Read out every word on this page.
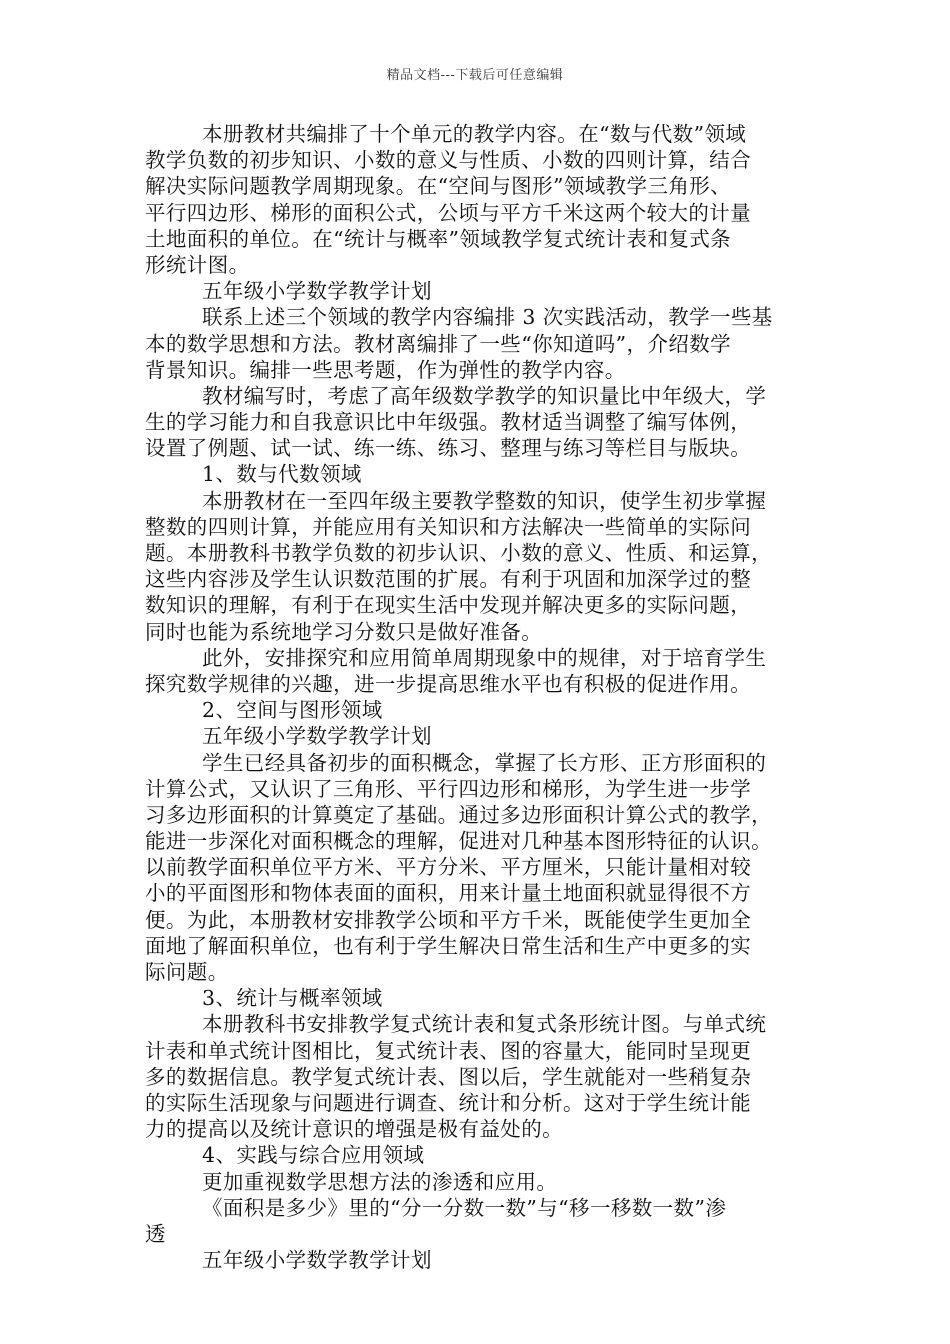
精品文档---下载后可任意编辑
本册教材共编排了十个单元的教学内容。在“数与代数”领域
教学负数的初步知识、小数的意义与性质、小数的四则计算，结合
解决实际问题教学周期现象。在“空间与图形”领域教学三角形、
平行四边形、梯形的面积公式，公顷与平方千米这两个较大的计量
土地面积的单位。在“统计与概率”领域教学复式统计表和复式条
形统计图。
五年级小学数学教学计划
联系上述三个领域的教学内容编排 3 次实践活动，教学一些基
本的数学思想和方法。教材离编排了一些“你知道吗”，介绍数学
背景知识。编排一些思考题，作为弹性的教学内容。
教材编写时，考虑了高年级数学教学的知识量比中年级大，学
生的学习能力和自我意识比中年级强。教材适当调整了编写体例，
设置了例题、试一试、练一练、练习、整理与练习等栏目与版块。
1、数与代数领域
本册教材在一至四年级主要教学整数的知识，使学生初步掌握
整数的四则计算，并能应用有关知识和方法解决一些简单的实际问
题。本册教科书教学负数的初步认识、小数的意义、性质、和运算，
这些内容涉及学生认识数范围的扩展。有利于巩固和加深学过的整
数知识的理解，有利于在现实生活中发现并解决更多的实际问题，
同时也能为系统地学习分数只是做好准备。
此外，安排探究和应用简单周期现象中的规律，对于培育学生
探究数学规律的兴趣，进一步提高思维水平也有积极的促进作用。
2、空间与图形领域
五年级小学数学教学计划
学生已经具备初步的面积概念，掌握了长方形、正方形面积的
计算公式，又认识了三角形、平行四边形和梯形，为学生进一步学
习多边形面积的计算奠定了基础。通过多边形面积计算公式的教学，
能进一步深化对面积概念的理解，促进对几种基本图形特征的认识。
以前教学面积单位平方米、平方分米、平方厘米，只能计量相对较
小的平面图形和物体表面的面积，用来计量土地面积就显得很不方
便。为此，本册教材安排教学公顷和平方千米，既能使学生更加全
面地了解面积单位，也有利于学生解决日常生活和生产中更多的实
际问题。
3、统计与概率领域
本册教科书安排教学复式统计表和复式条形统计图。与单式统
计表和单式统计图相比，复式统计表、图的容量大，能同时呈现更
多的数据信息。教学复式统计表、图以后，学生就能对一些稍复杂
的实际生活现象与问题进行调查、统计和分析。这对于学生统计能
力的提高以及统计意识的增强是极有益处的。
4、实践与综合应用领域
更加重视数学思想方法的渗透和应用。
《面积是多少》里的“分一分数一数”与“移一移数一数”渗
透
五年级小学数学教学计划
